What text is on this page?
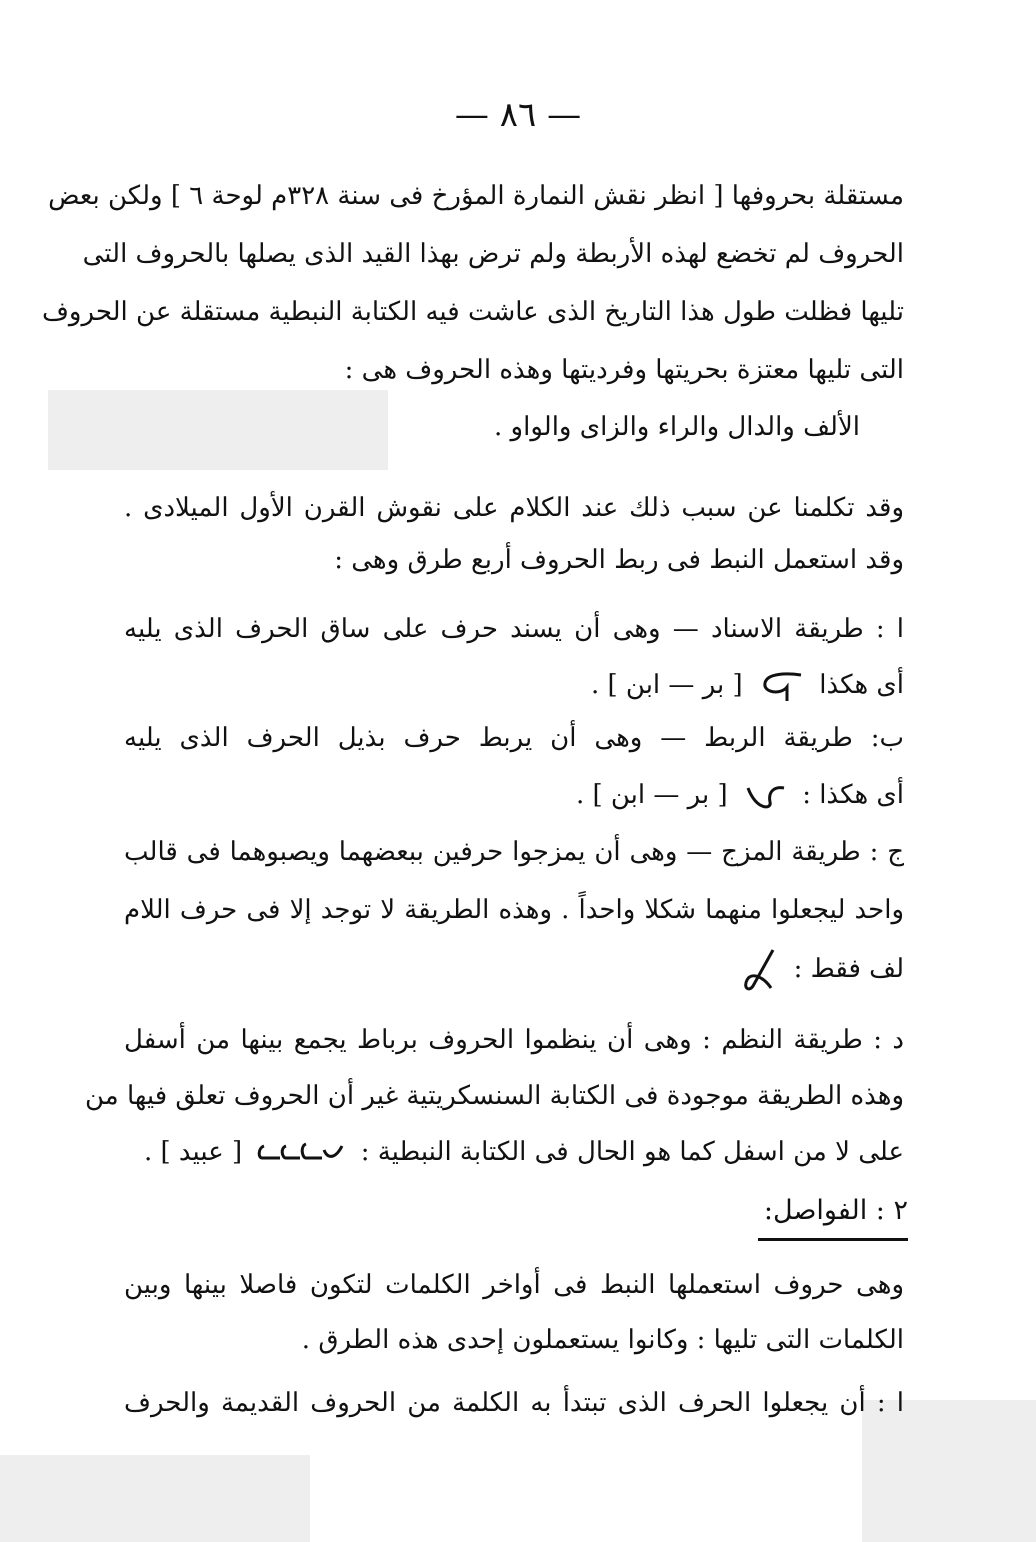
— ٨٦ —
مستقلة بحروفها [ انظر نقش النمارة المؤرخ فى سنة ٣٢٨م لوحة ٦ ] ولكن بعض
الحروف لم تخضع لهذه الأربطة ولم ترض بهذا القيد الذى يصلها بالحروف التى
تليها فظلت طول هذا التاريخ الذى عاشت فيه الكتابة النبطية مستقلة عن الحروف
التى تليها معتزة بحريتها وفرديتها وهذه الحروف هى :
الألف والدال والراء والزاى والواو .
وقد تكلمنا عن سبب ذلك عند الكلام على نقوش القرن الأول الميلادى .
وقد استعمل النبط فى ربط الحروف أربع طرق وهى :
ا : طريقة الاسناد — وهى أن يسند حرف على ساق الحرف الذى يليه
أى هكذا  [ بر — ابن ] .
ب: طريقة الربط — وهى أن يربط حرف بذيل الحرف الذى يليه
أى هكذا :  [ بر — ابن ] .
ج : طريقة المزج — وهى أن يمزجوا حرفين ببعضهما ويصبوهما فى قالب
واحد ليجعلوا منهما شكلا واحداً . وهذه الطريقة لا توجد إلا فى حرف اللام
لف فقط :
د : طريقة النظم : وهى أن ينظموا الحروف برباط يجمع بينها من أسفل
وهذه الطريقة موجودة فى الكتابة السنسكريتية غير أن الحروف تعلق فيها من
على لا من اسفل كما هو الحال فى الكتابة النبطية :  [ عبيد ] .
٢ : الفواصل:
وهى حروف استعملها النبط فى أواخر الكلمات لتكون فاصلا بينها وبين
الكلمات التى تليها : وكانوا يستعملون إحدى هذه الطرق .
ا : أن يجعلوا الحرف الذى تبتدأ به الكلمة من الحروف القديمة والحرف
